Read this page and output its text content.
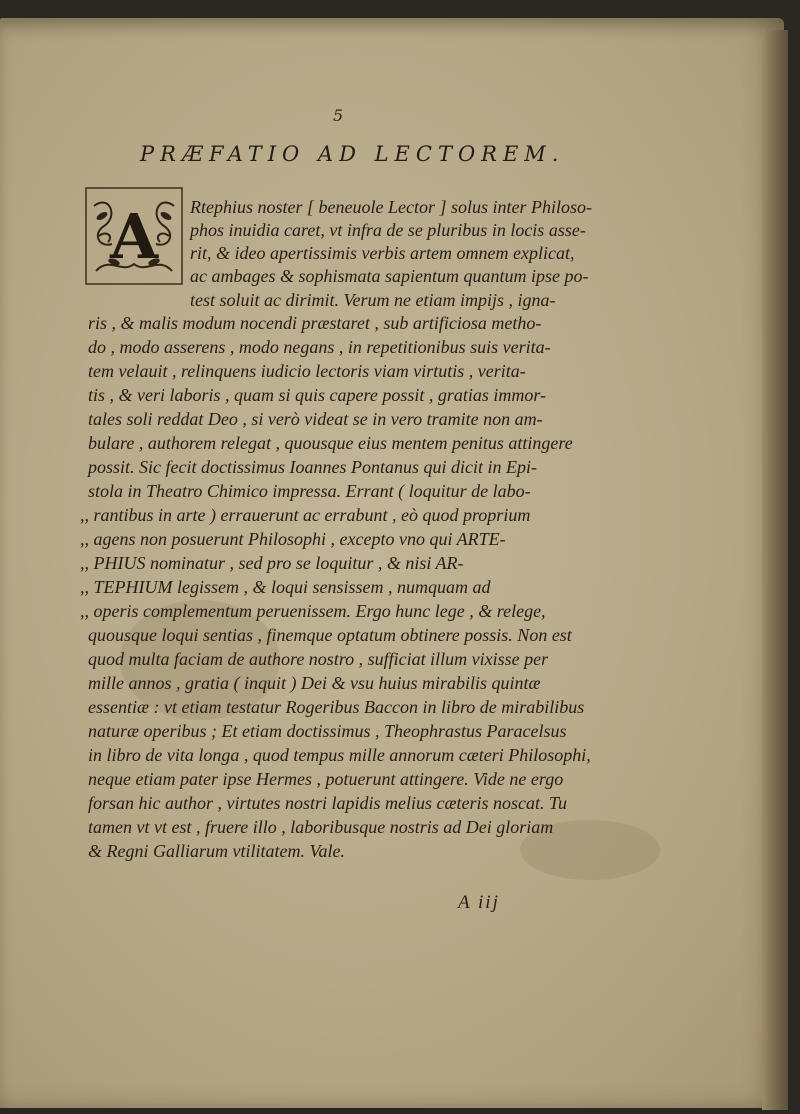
5
PRÆFATIO AD LECTOREM.
A Rtephius noster [ beneuole Lector ] solus inter Philoso-
phos inuidia caret, vt infra de se pluribus in locis asse-
rit, & ideo apertissimis verbis artem omnem explicat,
ac ambages & sophismata sapientum quantum ipse po-
test soluit ac dirimit. Verum ne etiam impijs , igna-
ris , & malis modum nocendi præstaret , sub artificiosa metho-
do , modo asserens , modo negans , in repetitionibus suis verita-
tem velauit , relinquens iudicio lectoris viam virtutis , verita-
tis , & veri laboris , quam si quis capere possit , gratias immor-
tales soli reddat Deo , si verò videat se in vero tramite non am-
bulare , authorem relegat , quousque eius mentem penitus attingere
possit. Sic fecit doctissimus Ioannes Pontanus qui dicit in Epi-
stola in Theatro Chimico impressa. Errant ( loquitur de labo-
,, rantibus in arte ) errauerunt ac errabunt , eò quod proprium
,, agens non posuerunt Philosophi , excepto vno qui ARTE-
,, PHIUS nominatur , sed pro se loquitur , & nisi AR-
,, TEPHIUM legissem , & loqui sensissem , numquam ad
,, operis complementum peruenissem. Ergo hunc lege , & relege,
quousque loqui sentias , finemque optatum obtinere possis. Non est
quod multa faciam de authore nostro , sufficiat illum vixisse per
mille annos , gratia ( inquit ) Dei & vsu huius mirabilis quintæ
essentiæ : vt etiam testatur Rogeribus Baccon in libro de mirabilibus
naturæ operibus ; Et etiam doctissimus , Theophrastus Paracelsus
in libro de vita longa , quod tempus mille annorum cæteri Philosophi,
neque etiam pater ipse Hermes , potuerunt attingere. Vide ne ergo
forsan hic author , virtutes nostri lapidis melius cæteris noscat. Tu
tamen vt vt est , fruere illo , laboribusque nostris ad Dei gloriam
& Regni Galliarum vtilitatem. Vale.
A iij
